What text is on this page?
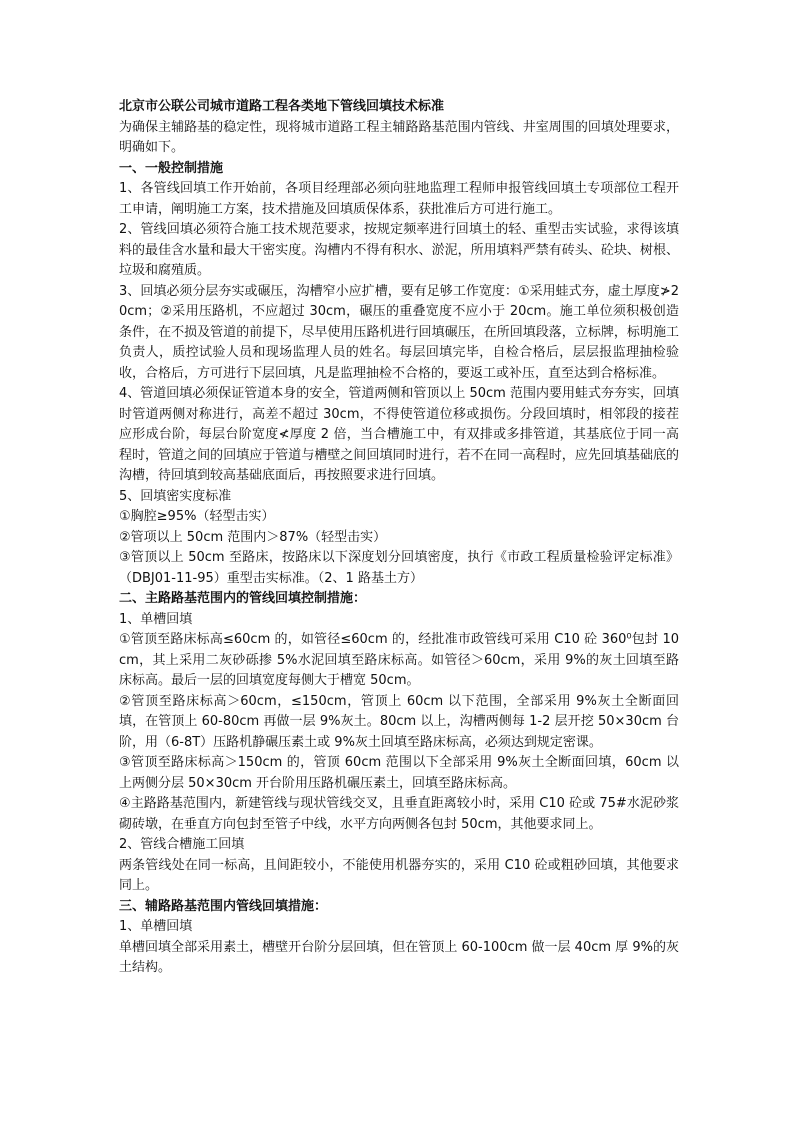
北京市公联公司城市道路工程各类地下管线回填技术标准

为确保主辅路基的稳定性，现将城市道路工程主辅路路基范围内管线、井室周围的回填处理要求，明确如下。

一、一般控制措施

1、各管线回填工作开始前，各项目经理部必须向驻地监理工程师申报管线回填土专项部位工程开工申请，阐明施工方案，技术措施及回填质保体系，获批准后方可进行施工。

2、管线回填必须符合施工技术规范要求，按规定频率进行回填土的轻、重型击实试验，求得该填料的最佳含水量和最大干密实度。沟槽内不得有积水、淤泥，所用填料严禁有砖头、砼块、树根、垃圾和腐殖质。

3、回填必须分层夯实或碾压，沟槽窄小应扩槽，要有足够工作宽度：①采用蛙式夯，虚土厚度≯20cm；②采用压路机，不应超过 30cm，碾压的重叠宽度不应小于 20cm。施工单位须积极创造条件，在不损及管道的前提下，尽早使用压路机进行回填碾压，在所回填段落，立标牌，标明施工负责人，质控试验人员和现场监理人员的姓名。每层回填完毕，自检合格后，层层报监理抽检验收，合格后，方可进行下层回填，凡是监理抽检不合格的，要返工或补压，直至达到合格标准。

4、管道回填必须保证管道本身的安全，管道两侧和管顶以上 50cm 范围内要用蛙式夯夯实，回填时管道两侧对称进行，高差不超过 30cm，不得使管道位移或损伤。分段回填时，相邻段的接茬应形成台阶，每层台阶宽度≮厚度 2 倍，当合槽施工中，有双排或多排管道，其基底位于同一高程时，管道之间的回填应于管道与槽壁之间回填同时进行，若不在同一高程时，应先回填基础底的沟槽，待回填到较高基础底面后，再按照要求进行回填。

5、回填密实度标准

①胸腔≥95%（轻型击实）

②管项以上 50cm 范围内＞87%（轻型击实）

③管顶以上 50cm 至路床，按路床以下深度划分回填密度，执行《市政工程质量检验评定标准》（DBJ01-11-95）重型击实标准。（2、1 路基土方）

二、主路路基范围内的管线回填控制措施：

1、单槽回填

①管顶至路床标高≤60cm 的，如管径≤60cm 的，经批准市政管线可采用 C10 砼 360⁰包封 10cm，其上采用二灰砂砾掺 5%水泥回填至路床标高。如管径＞60cm，采用 9%的灰土回填至路床标高。最后一层的回填宽度每侧大于槽宽 50cm。

②管顶至路床标高＞60cm，≤150cm，管顶上 60cm 以下范围，全部采用 9%灰土全断面回填，在管顶上 60-80cm 再做一层 9%灰土。80cm 以上，沟槽两侧每 1-2 层开挖 50×30cm 台阶，用（6-8T）压路机静碾压素土或 9%灰土回填至路床标高，必须达到规定密课。

③管顶至路床标高＞150cm 的，管顶 60cm 范围以下全部采用 9%灰土全断面回填，60cm 以上两侧分层 50×30cm 开台阶用压路机碾压素土，回填至路床标高。

④主路路基范围内，新建管线与现状管线交叉，且垂直距离较小时，采用 C10 砼或 75#水泥砂浆砌砖墩，在垂直方向包封至管子中线，水平方向两侧各包封 50cm，其他要求同上。

2、管线合槽施工回填

两条管线处在同一标高，且间距较小，不能使用机器夯实的，采用 C10 砼或粗砂回填，其他要求同上。

三、辅路路基范围内管线回填措施：

1、单槽回填

单槽回填全部采用素土，槽壁开台阶分层回填，但在管顶上 60-100cm 做一层 40cm 厚 9%的灰土结构。
